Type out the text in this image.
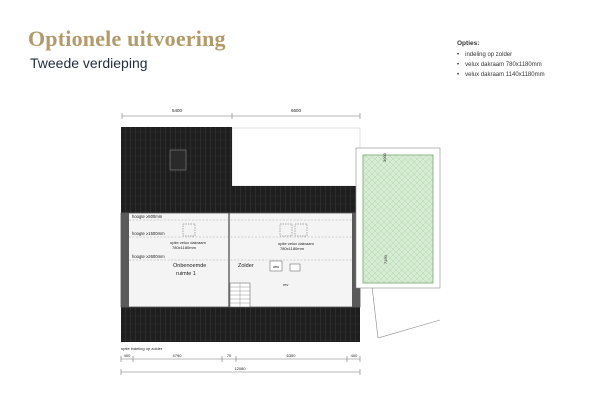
Optionele uitvoering
Tweede verdieping
Opties:
• indeling op zolder
• velux dakraam 780x1180mm
• velux dakraam 1140x1180mm
5400	6600
hoogte ≥500mm
hoogte ≥1500mm
hoogte ≥2600mm
optie velux dakraam
780x1180mm
optie velux dakraam
780x1180mm
Onbenoemde
ruimte 1
Zolder	wtw
mv
3000
7150
optie indeling op zolder
400	4790	70	6350	400
12080
